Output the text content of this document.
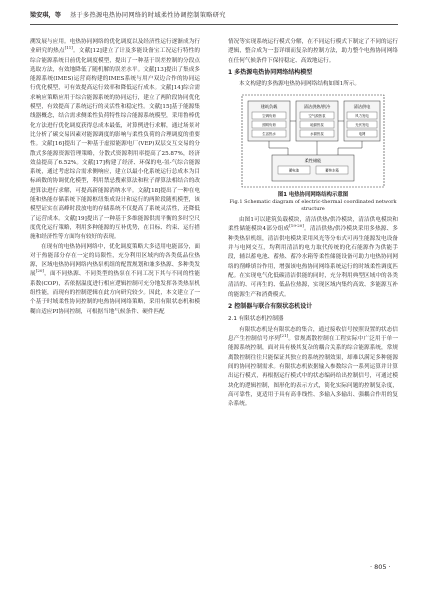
梁安琪，等 基于多热源电热协同网络的时域柔性协调控制策略研究

溯发展与应用。电热协同网络的优化调度以及经济性运行逐渐成为行业研究的热点[11]。文献[12]建立了计及多能设备宝工况运行特性的综合能源系统日前优化调度模型，提出了一种基于误差控制的分段点选取方法，有效地降低了随机解的误差水平。文献[13]提出了集成多能源系统(IMES)运营商构建的IMES系统与用户双边合作的协同运行优化模型，可有效提高运行效率和降低运行成本。文献[14]综合需求响应策略应用于综合能源系统的协同运行，建立了两阶段协同优化模型，有效提高了系统运行的灵活性和稳定性。文献[15]基于能源集线器概念，结合需求侧柔性负荷特性综合能源系统模型，采用鲁棒优化方法进行优化调度获得总成本最低，对算例进行求解，通过场景对比分析了碳交易因素对能源调度的影响与柔性负荷的合理调度的重要性。文献[16]提出了一种基于虚拟能源电厂(VEP)双层交互交易的分散式多能源资源管理策略，分散式资源利用率提高了25.87%，经济效益提高了6.52%。文献[17]构建了经济、环保的电-氢-气综合能源系统，通过考虑综合需求侧响应，建立以最小化系统运行总成本为目标函数的协调优化模型，利用禁忌搜索算法和粒子群算法相结合的改进算法进行求解，可提高新能源消纳水平。文献[18]提出了一种在电能和热能存储系统下能源枢纽集成设计和运行的两阶段随机模型，该模型证实在高峰时段放电的存储系统不仅提高了系统灵活性，还降低了运营成本。文献[19]提出了一种基于多维能源供需平衡的多时空尺度优化运行策略，利用多种能源的互补优势，在目标、约束、运行措施和经济性等方面均有较好的表现。

在现有的电热协同网络中，优化调度策略大多适用电能部分，面对于热能部分存在一定的局限性，充分利用区域内的各类低品位热源，区域电热协同网络内热泵机组的配置规划和兼多热源、多种类发展[20]，面不同热源、不同类型的热泵在不同工况下其与不同的性能系数(COP)，若依据温度进行相应逻辑控制可充分地发挥各类热泵机组性能，而现有的控制逻辑在此方向研究较少。因此，本文建立了一个基于时域柔性协同控制的电热协同网络策略，采用有限状态机和模糊自适应PI协同控制，可根据当地气候条件、硬件匹配

情况等实现系统运行模式分解，在不同运行模式下制定了不同的运行逻辑，整合成为一套详细而复杂的控制方法，助力整个电热协同网络在任何气候条件下保持稳定、高效地运行。

1 多热源电热协同网络结构模型

本文构建的多热源电热协同网络结构如图1所示。

建筑负载
空调负荷
照明负荷
生活热水
清洁供热/供冷
空气源热泵
地源热泵
水源热泵
清洁供电
风力发电
光伏发电
电网
柔性储能
蓄电池	蓄热水箱
图1 电热协同网络结构示意图
Fig.1 Schematic diagram of electric-thermal coordinated network structure

由图1可以建筑负载模块，清洁供热/供冷模块，清洁供电模块和柔性储能模块4部分组成[19-20]。清洁供热/供冷模块采用多热源、多种类热泵机组，清洁供电模块采用风光等分布式可再生能源发电设备并与电网交互，均利用清洁的电力取代传统的化石能源作为供能手段，辅以蓄电池、蓄热、蓄冷水箱等柔性储能设备可助力电热协同网络的削峰填谷作用，增强该电热协同网络系统运行的时域柔性调度匹配。在实现电气化低碳清洁供能的同时，充分利用典型区域中的各类清洁的、可再生的、低品位热源，实现区域内集约高效、多能源互补的能源生产和消费模式。

2 控制器与联合有限状态机设计
2.1 有限状态机控制器

有限状态机是有限状态的集合，通过接收信号按照设置的状态信息产生控制信号序列[21]。常规离散控制在工程实际中广泛用于单一能源系统控制，面对具有极其复杂的耦合关系的综合能源系统，常规离散控制往往只能保证其独立的系统控制效果，却难以满足多种能源间的协同控制需求。有限状态机依据输入参数综合一系列运算并计算出运行模式，再根据运行模式中的状态编码给出控制信号，可通过模块化的逻辑控制，图形化的表示方式，简化实际问题的控制复杂度，高可靠性，更适用于具有高非线性、多输入多输出、强耦合作用的复杂系统。

· 805 ·
